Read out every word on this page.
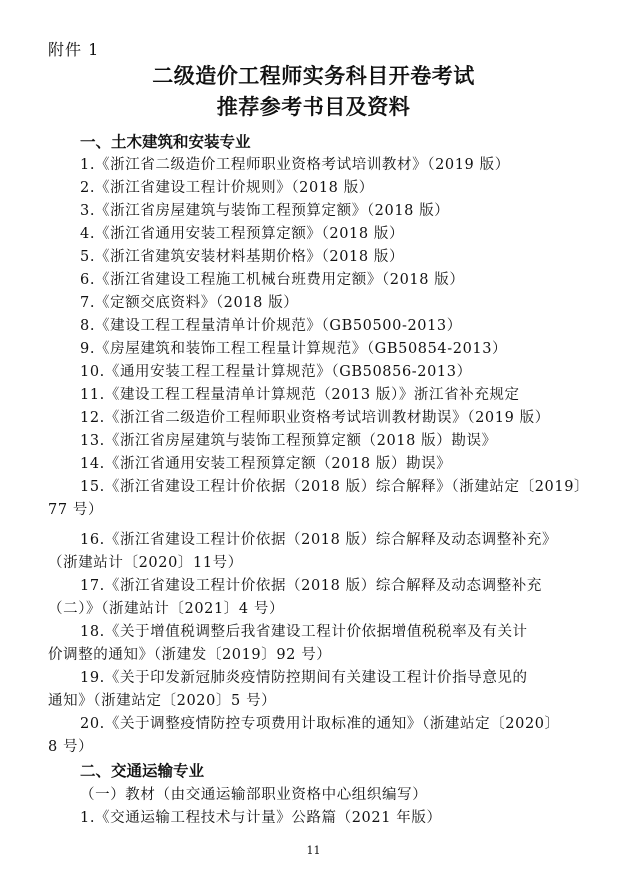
附件 1
二级造价工程师实务科目开卷考试
推荐参考书目及资料
一、土木建筑和安装专业
1.《浙江省二级造价工程师职业资格考试培训教材》（2019 版）
2.《浙江省建设工程计价规则》（2018 版）
3.《浙江省房屋建筑与装饰工程预算定额》（2018 版）
4.《浙江省通用安装工程预算定额》（2018 版）
5.《浙江省建筑安装材料基期价格》（2018 版）
6.《浙江省建设工程施工机械台班费用定额》（2018 版）
7.《定额交底资料》（2018 版）
8.《建设工程工程量清单计价规范》（GB50500-2013）
9.《房屋建筑和装饰工程工程量计算规范》（GB50854-2013）
10.《通用安装工程工程量计算规范》（GB50856-2013）
11.《建设工程工程量清单计算规范（2013 版）》浙江省补充规定
12.《浙江省二级造价工程师职业资格考试培训教材勘误》（2019 版）
13.《浙江省房屋建筑与装饰工程预算定额（2018 版）勘误》
14.《浙江省通用安装工程预算定额（2018 版）勘误》
15.《浙江省建设工程计价依据（2018 版）综合解释》（浙建站定〔2019〕
77 号）
16.《浙江省建设工程计价依据（2018 版）综合解释及动态调整补充》
（浙建站计〔2020〕11号）
17.《浙江省建设工程计价依据（2018 版）综合解释及动态调整补充
（二）》（浙建站计〔2021〕4 号）
18.《关于增值税调整后我省建设工程计价依据增值税税率及有关计
价调整的通知》（浙建发〔2019〕92 号）
19.《关于印发新冠肺炎疫情防控期间有关建设工程计价指导意见的
通知》（浙建站定〔2020〕5 号）
20.《关于调整疫情防控专项费用计取标准的通知》（浙建站定〔2020〕
8 号）
二、交通运输专业
（一）教材（由交通运输部职业资格中心组织编写）
1.《交通运输工程技术与计量》公路篇（2021 年版）
11
